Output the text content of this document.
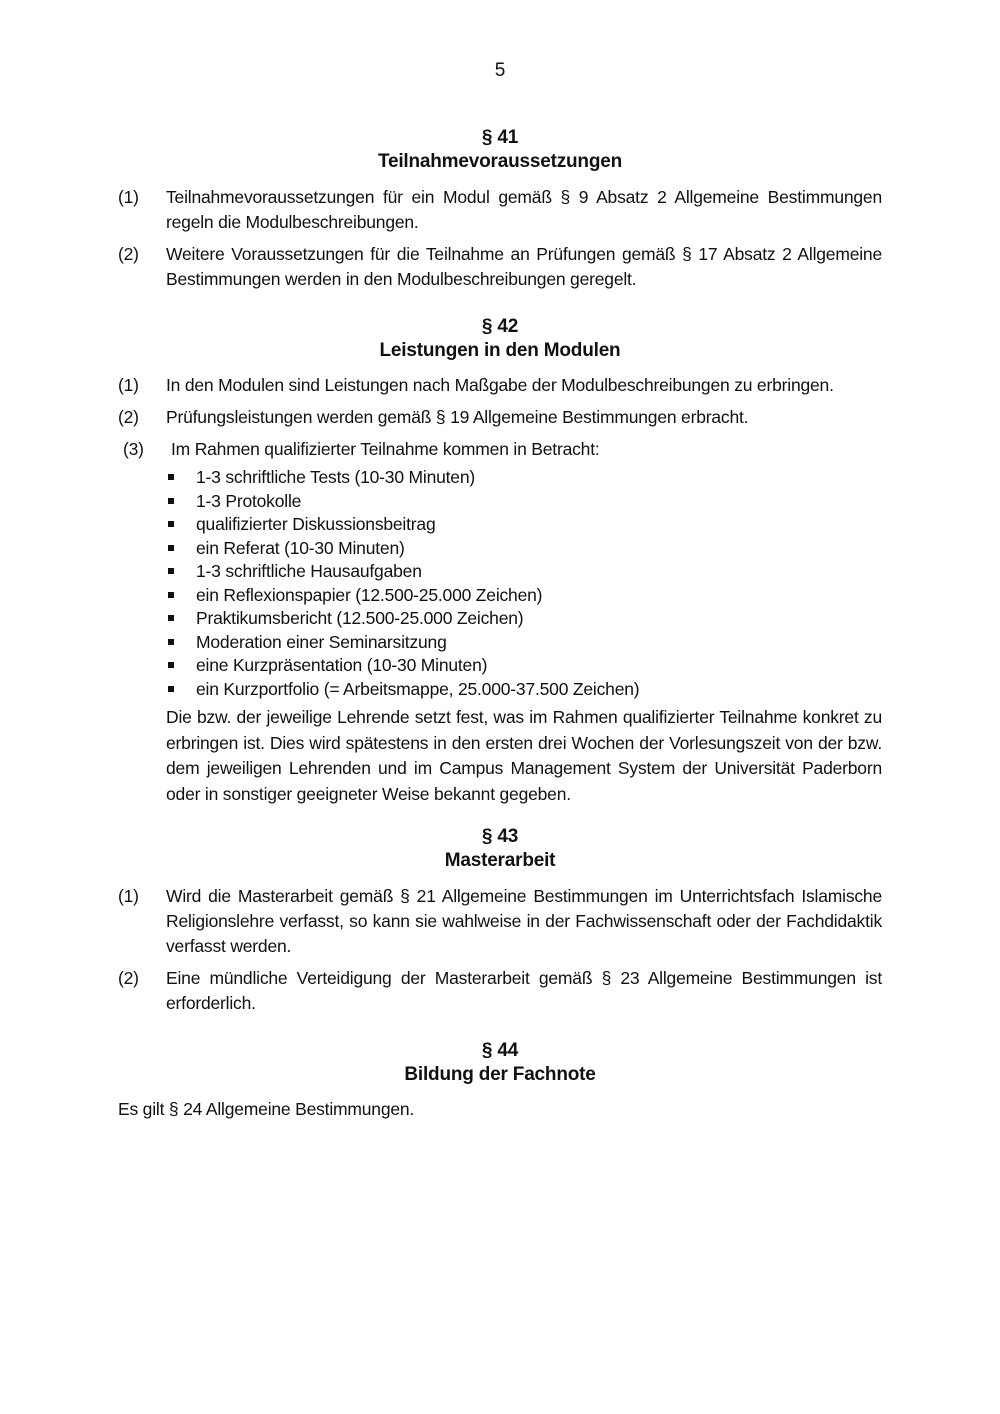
5
§ 41
Teilnahmevoraussetzungen
(1)	Teilnahmevoraussetzungen für ein Modul gemäß § 9 Absatz 2 Allgemeine Bestimmungen regeln die Modulbeschreibungen.
(2)	Weitere Voraussetzungen für die Teilnahme an Prüfungen gemäß § 17 Absatz 2 Allgemeine Bestimmungen werden in den Modulbeschreibungen geregelt.
§ 42
Leistungen in den Modulen
(1)	In den Modulen sind Leistungen nach Maßgabe der Modulbeschreibungen zu erbringen.
(2)	Prüfungsleistungen werden gemäß § 19 Allgemeine Bestimmungen erbracht.
(3)	Im Rahmen qualifizierter Teilnahme kommen in Betracht:
1-3 schriftliche Tests (10-30 Minuten)
1-3 Protokolle
qualifizierter Diskussionsbeitrag
ein Referat (10-30 Minuten)
1-3 schriftliche Hausaufgaben
ein Reflexionspapier (12.500-25.000 Zeichen)
Praktikumsbericht (12.500-25.000 Zeichen)
Moderation einer Seminarsitzung
eine Kurzpräsentation (10-30 Minuten)
ein Kurzportfolio (= Arbeitsmappe, 25.000-37.500 Zeichen)

Die bzw. der jeweilige Lehrende setzt fest, was im Rahmen qualifizierter Teilnahme konkret zu erbringen ist. Dies wird spätestens in den ersten drei Wochen der Vorlesungszeit von der bzw. dem jeweiligen Lehrenden und im Campus Management System der Universität Paderborn oder in sonstiger geeigneter Weise bekannt gegeben.

§ 43
Masterarbeit
(1)	Wird die Masterarbeit gemäß § 21 Allgemeine Bestimmungen im Unterrichtsfach Islamische Religionslehre verfasst, so kann sie wahlweise in der Fachwissenschaft oder der Fachdidaktik verfasst werden.
(2)	Eine mündliche Verteidigung der Masterarbeit gemäß § 23 Allgemeine Bestimmungen ist erforderlich.
§ 44
Bildung der Fachnote

Es gilt § 24 Allgemeine Bestimmungen.
